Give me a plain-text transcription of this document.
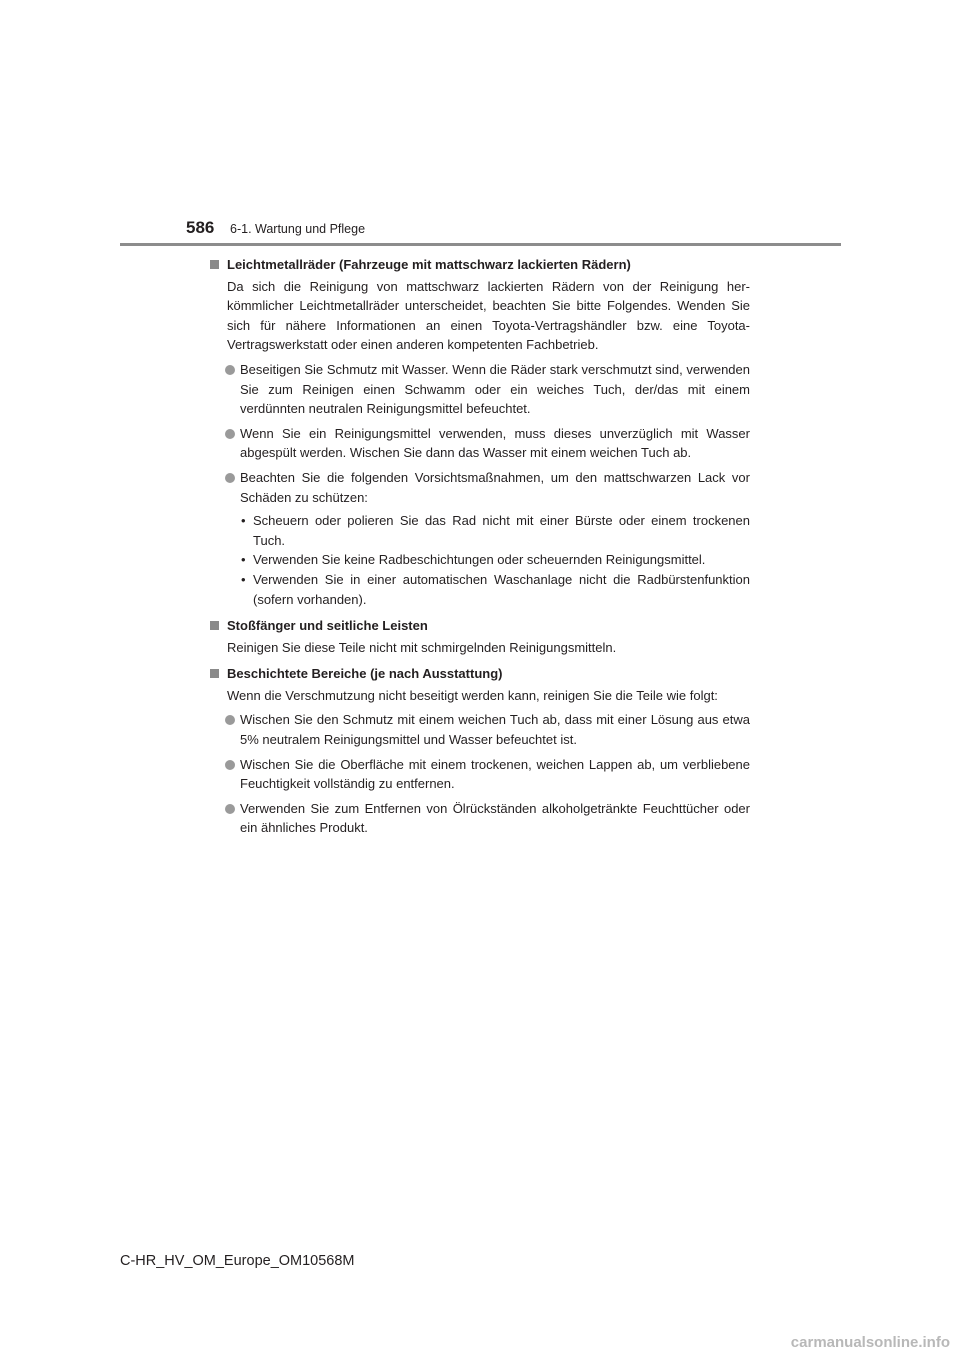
586 6-1. Wartung und Pflege
Leichtmetallräder (Fahrzeuge mit mattschwarz lackierten Rädern)
Da sich die Reinigung von mattschwarz lackierten Rädern von der Reinigung herkömmlicher Leichtmetallräder unterscheidet, beachten Sie bitte Folgendes. Wenden Sie sich für nähere Informationen an einen Toyota-Vertragshändler bzw. eine Toyota-Vertragswerkstatt oder einen anderen kompetenten Fachbetrieb.
Beseitigen Sie Schmutz mit Wasser. Wenn die Räder stark verschmutzt sind, verwenden Sie zum Reinigen einen Schwamm oder ein weiches Tuch, der/das mit einem verdünnten neutralen Reinigungsmittel befeuchtet.
Wenn Sie ein Reinigungsmittel verwenden, muss dieses unverzüglich mit Wasser abgespült werden. Wischen Sie dann das Wasser mit einem weichen Tuch ab.
Beachten Sie die folgenden Vorsichtsmaßnahmen, um den mattschwarzen Lack vor Schäden zu schützen:
• Scheuern oder polieren Sie das Rad nicht mit einer Bürste oder einem trockenen Tuch.
• Verwenden Sie keine Radbeschichtungen oder scheuernden Reinigungsmittel.
• Verwenden Sie in einer automatischen Waschanlage nicht die Radbürstenfunktion (sofern vorhanden).
Stoßfänger und seitliche Leisten
Reinigen Sie diese Teile nicht mit schmirgelnden Reinigungsmitteln.
Beschichtete Bereiche (je nach Ausstattung)
Wenn die Verschmutzung nicht beseitigt werden kann, reinigen Sie die Teile wie folgt:
Wischen Sie den Schmutz mit einem weichen Tuch ab, dass mit einer Lösung aus etwa 5% neutralem Reinigungsmittel und Wasser befeuchtet ist.
Wischen Sie die Oberfläche mit einem trockenen, weichen Lappen ab, um verbliebene Feuchtigkeit vollständig zu entfernen.
Verwenden Sie zum Entfernen von Ölrückständen alkoholgetränkte Feuchttücher oder ein ähnliches Produkt.
C-HR_HV_OM_Europe_OM10568M
carmanualsonline.info
